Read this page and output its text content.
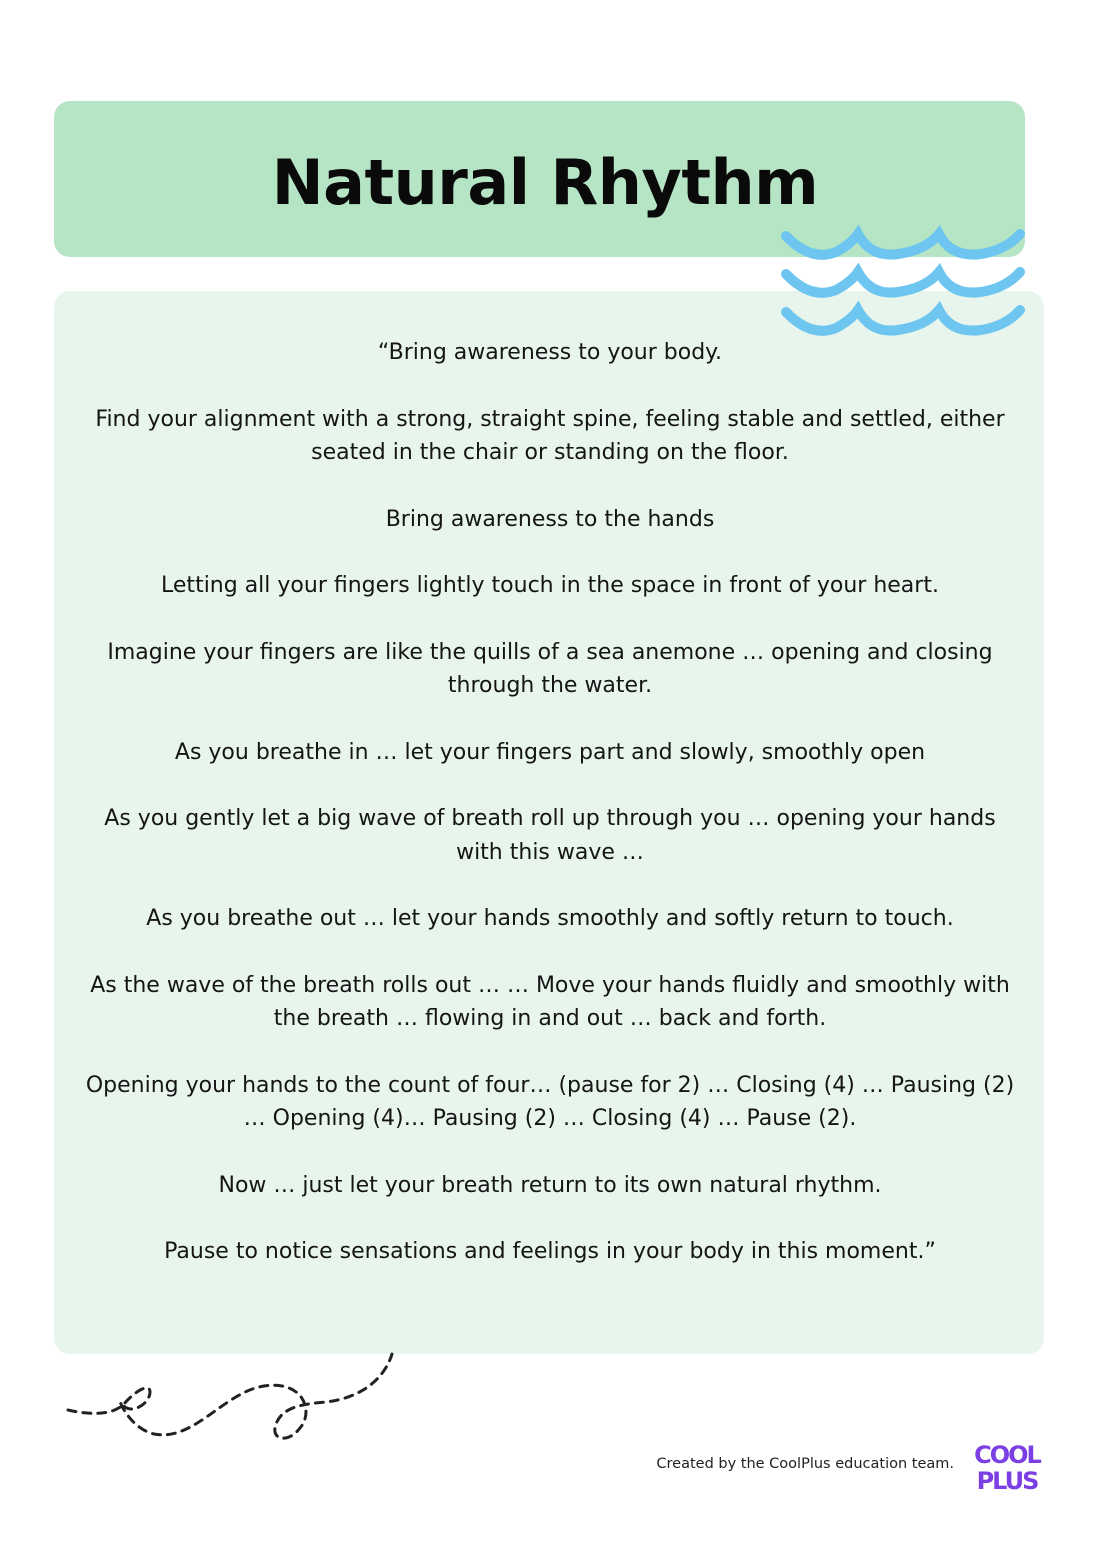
Natural Rhythm
“Bring awareness to your body.
Find your alignment with a strong, straight spine, feeling stable and settled, either seated in the chair or standing on the floor.
Bring awareness to the hands
Letting all your fingers lightly touch in the space in front of your heart.
Imagine your fingers are like the quills of a sea anemone … opening and closing through the water.
As you breathe in … let your fingers part and slowly, smoothly open
As you gently let a big wave of breath roll up through you … opening your hands with this wave …
As you breathe out … let your hands smoothly and softly return to touch.
As the wave of the breath rolls out … … Move your hands fluidly and smoothly with the breath … flowing in and out … back and forth.
Opening your hands to the count of four… (pause for 2) … Closing (4) … Pausing (2) … Opening (4)… Pausing (2) … Closing (4) … Pause (2).
Now … just let your breath return to its own natural rhythm.
Pause to notice sensations and feelings in your body in this moment.”
Created by the CoolPlus education team. COOL
PLUS
